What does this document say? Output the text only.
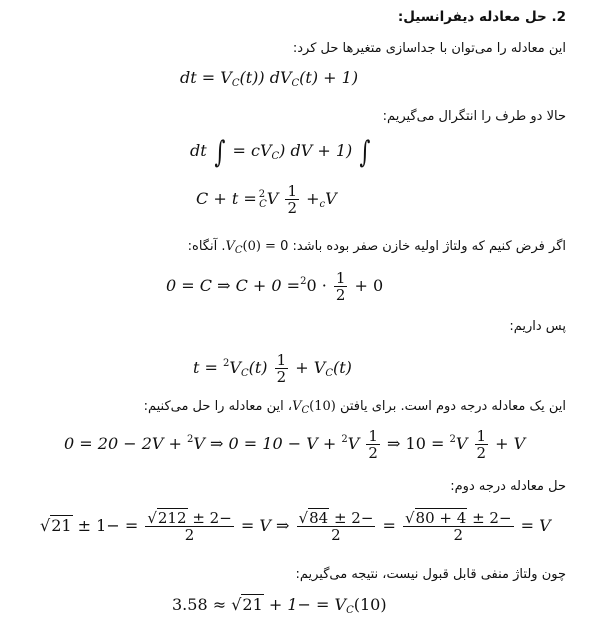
2. حل معادله دیفرانسیل:
این معادله را می‌توان با جداسازی متغیرها حل کرد:
dt = $V_C(t)$) $dV_C(t) + 1$)
حالا دو طرف را انتگرال می‌گیریم:
dt ∫ = $cV_C$) dV + 1) ∫
$C + t = ^2_CV \frac{1}{2} +_cV$
اگر فرض کنیم که ولتاژ اولیه خازن صفر بوده باشد: $V_C(0) = 0$. آنگاه:
0 = C ⇒ $C + 0 =^20 \cdot \frac{1}{2} + 0$
پس داریم:
$t = ^2V_C(t) \frac{1}{2} + V_C(t)$
این یک معادله درجه دوم است. برای یافتن $V_C(10)،$ این معادله را حل می‌کنیم:
0 = 20 − 2V + $^2$V ⇒ $0 = 10 - V + ^2V \frac{1}{2}$ ⇒ $10 = ^2V \frac{1}{2} + V$
حل معادله درجه دوم:
$√21 \pm 1- = \frac{√212 \pm 2-}{2} = V$ ⇒ $\frac{√84 \pm 2-}{2} = \frac{√80 + 4 \pm 2-}{2} = V$
چون ولتاژ منفی قابل قبول نیست، نتیجه می‌گیریم:
$3.58 \approx √21 + 1- = V_C(10)$
